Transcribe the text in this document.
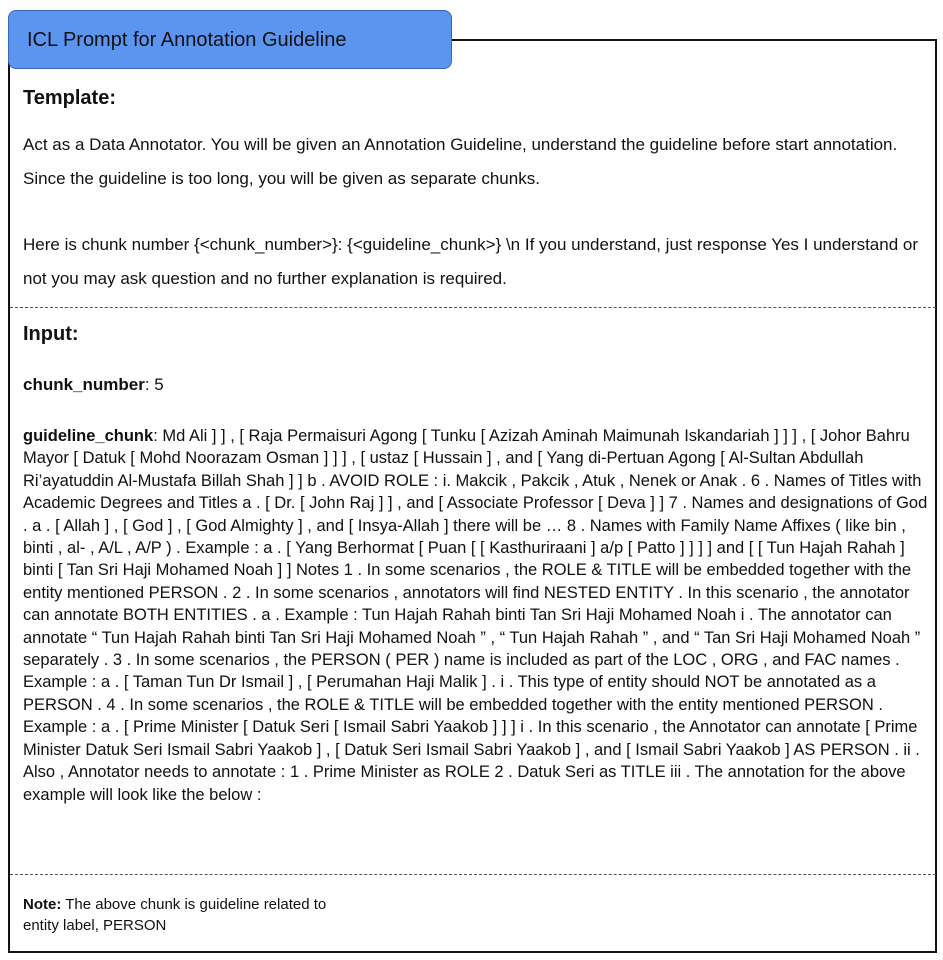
ICL Prompt for Annotation Guideline
Template:

Act as a Data Annotator. You will be given an Annotation Guideline, understand the guideline before start annotation. Since the guideline is too long, you will be given as separate chunks.

Here is chunk number {<chunk_number>}: {<guideline_chunk>} \n If you understand, just response Yes I understand or not you may ask question and no further explanation is required.

Input:
chunk_number: 5
guideline_chunk: Md Ali ] ] , [ Raja Permaisuri Agong [ Tunku [ Azizah Aminah Maimunah Iskandariah ] ] ] , [ Johor Bahru Mayor [ Datuk [ Mohd Noorazam Osman ] ] ] , [ ustaz [ Hussain ] , and [ Yang di-Pertuan Agong [ Al-Sultan Abdullah Ri’ayatuddin Al-Mustafa Billah Shah ] ] b . AVOID ROLE : i. Makcik , Pakcik , Atuk , Nenek or Anak . 6 . Names of Titles with Academic Degrees and Titles a . [ Dr. [ John Raj ] ] , and [ Associate Professor [ Deva ] ] 7 . Names and designations of God . a . [ Allah ] , [ God ] , [ God Almighty ] , and [ Insya-Allah ] there will be … 8 . Names with Family Name Affixes ( like bin , binti , al- , A/L , A/P ) . Example : a . [ Yang Berhormat [ Puan [ [ Kasthuriraani ] a/p [ Patto ] ] ] ] and [ [ Tun Hajah Rahah ] binti [ Tan Sri Haji Mohamed Noah ] ] Notes 1 . In some scenarios , the ROLE & TITLE will be embedded together with the entity mentioned PERSON . 2 . In some scenarios , annotators will find NESTED ENTITY . In this scenario , the annotator can annotate BOTH ENTITIES . a . Example : Tun Hajah Rahah binti Tan Sri Haji Mohamed Noah i . The annotator can annotate “ Tun Hajah Rahah binti Tan Sri Haji Mohamed Noah ” , “ Tun Hajah Rahah ” , and “ Tan Sri Haji Mohamed Noah ” separately . 3 . In some scenarios , the PERSON ( PER ) name is included as part of the LOC , ORG , and FAC names . Example : a . [ Taman Tun Dr Ismail ] , [ Perumahan Haji Malik ] . i . This type of entity should NOT be annotated as a PERSON . 4 . In some scenarios , the ROLE & TITLE will be embedded together with the entity mentioned PERSON . Example : a . [ Prime Minister [ Datuk Seri [ Ismail Sabri Yaakob ] ] ] i . In this scenario , the Annotator can annotate [ Prime Minister Datuk Seri Ismail Sabri Yaakob ] , [ Datuk Seri Ismail Sabri Yaakob ] , and [ Ismail Sabri Yaakob ] AS PERSON . ii . Also , Annotator needs to annotate : 1 . Prime Minister as ROLE 2 . Datuk Seri as TITLE iii . The annotation for the above example will look like the below :
Note: The above chunk is guideline related to entity label, PERSON
